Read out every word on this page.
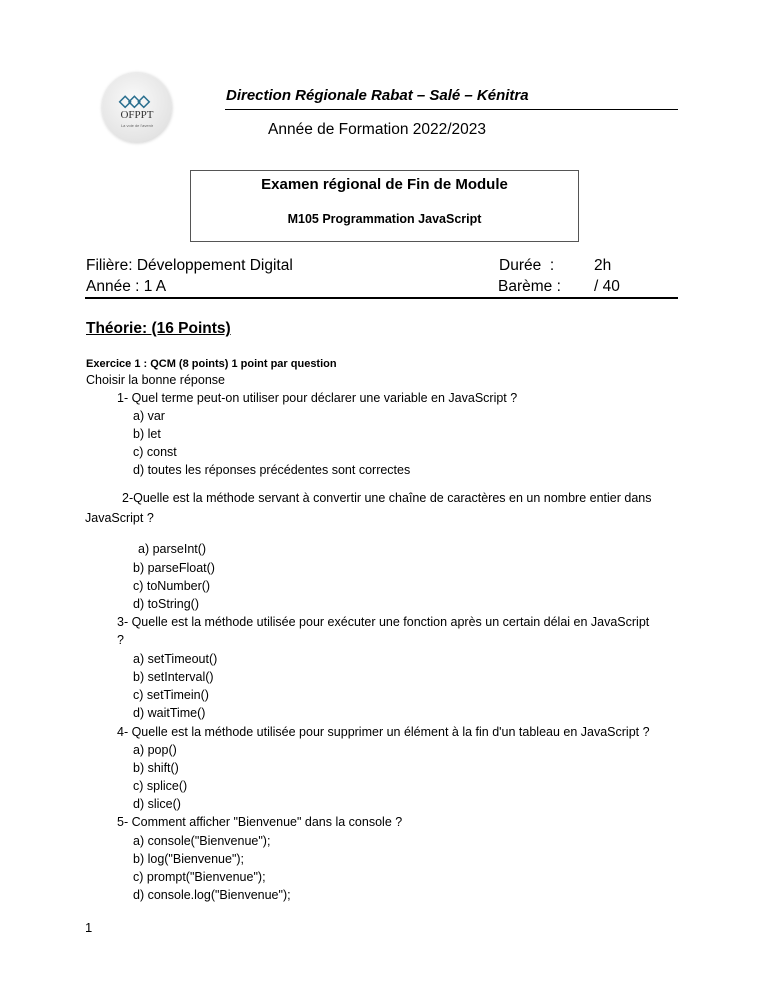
◇◇◇
OFPPT
La voie de l'avenir
Direction Régionale Rabat – Salé – Kénitra
Année de Formation 2022/2023
Examen régional de Fin de Module
M105 Programmation JavaScript
Filière: Développement Digital
Année : 1 A
Durée  :	2h
Barème : / 40
Théorie: (16 Points)
Exercice 1 : QCM (8 points) 1 point par question
Choisir la bonne réponse
1- Quel terme peut-on utiliser pour déclarer une variable en JavaScript ?
a) var
b) let
c) const
d) toutes les réponses précédentes sont correctes
2-Quelle est la méthode servant à convertir une chaîne de caractères en un nombre entier dans
JavaScript ?
a) parseInt()
b) parseFloat()
c) toNumber()
d) toString()
3- Quelle est la méthode utilisée pour exécuter une fonction après un certain délai en JavaScript
?
a) setTimeout()
b) setInterval()
c) setTimein()
d) waitTime()
4- Quelle est la méthode utilisée pour supprimer un élément à la fin d'un tableau en JavaScript ?
a) pop()
b) shift()
c) splice()
d) slice()
5- Comment afficher "Bienvenue" dans la console ?
a) console("Bienvenue");
b) log("Bienvenue");
c) prompt("Bienvenue");
d) console.log("Bienvenue");
1
